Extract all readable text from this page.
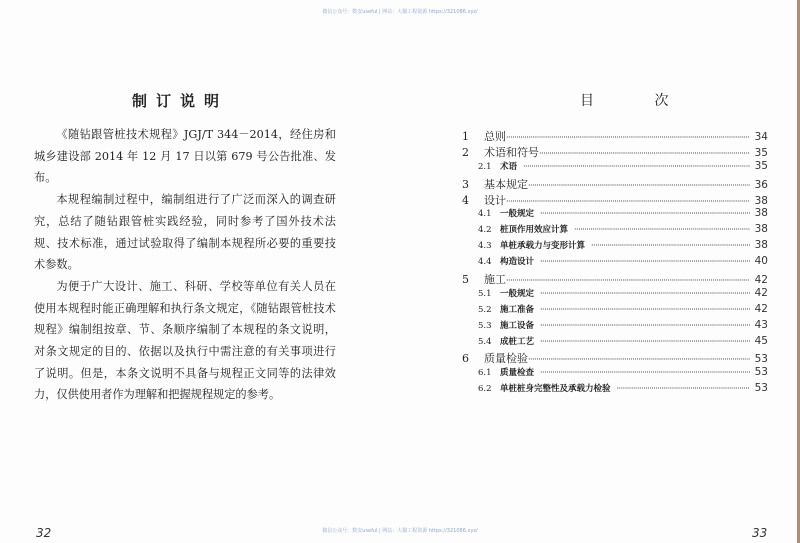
微信公众号：数安useful | 网站：大猫工程资源 https://321086.xyz/
微信公众号：数安useful | 网站：大猫工程资源 https://321086.xyz/
制订说明

《随钻跟管桩技术规程》JGJ/T 344－2014，经住房和城乡建设部 2014 年 12 月 17 日以第 679 号公告批准、发布。

本规程编制过程中，编制组进行了广泛而深入的调查研究，总结了随钻跟管桩实践经验，同时参考了国外技术法规、技术标准，通过试验取得了编制本规程所必要的重要技术参数。

为便于广大设计、施工、科研、学校等单位有关人员在使用本规程时能正确理解和执行条文规定，《随钻跟管桩技术规程》编制组按章、节、条顺序编制了本规程的条文说明，对条文规定的目的、依据以及执行中需注意的有关事项进行了说明。但是，本条文说明不具备与规程正文同等的法律效力，仅供使用者作为理解和把握规程规定的参考。

32
目 次
1	总则 ·····	34
2	术语和符号 ·····	35
2.1 术语 ·····	35
3	基本规定 ·····	36
4	设计 ·····	38
4.1 一般规定 ·····	38
4.2 桩顶作用效应计算 ·····	38
4.3 单桩承载力与变形计算 ·····	38
4.4 构造设计 ·····	40
5	施工 ·····	42
5.1 一般规定 ·····	42
5.2 施工准备 ·····	42
5.3 施工设备 ·····	43
5.4 成桩工艺 ·····	45
6	质量检验 ·····	53
6.1 质量检查 ·····	53
6.2 单桩桩身完整性及承载力检验 ·····	53
33
